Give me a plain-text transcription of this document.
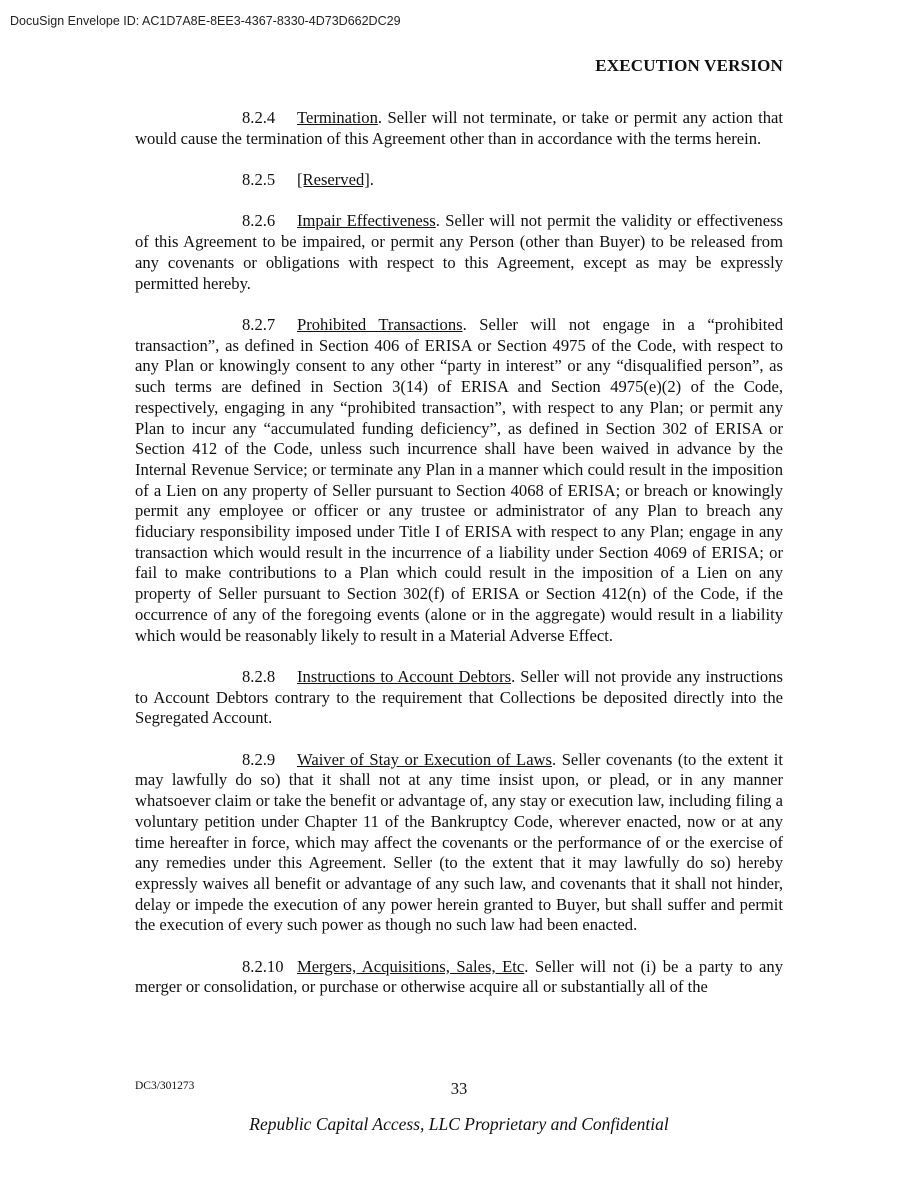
DocuSign Envelope ID: AC1D7A8E-8EE3-4367-8330-4D73D662DC29
EXECUTION VERSION

8.2.4 Termination. Seller will not terminate, or take or permit any action that would cause the termination of this Agreement other than in accordance with the terms herein.

8.2.5 [Reserved].

8.2.6 Impair Effectiveness. Seller will not permit the validity or effectiveness of this Agreement to be impaired, or permit any Person (other than Buyer) to be released from any covenants or obligations with respect to this Agreement, except as may be expressly permitted hereby.

8.2.7 Prohibited Transactions. Seller will not engage in a “prohibited transaction”, as defined in Section 406 of ERISA or Section 4975 of the Code, with respect to any Plan or knowingly consent to any other “party in interest” or any “disqualified person”, as such terms are defined in Section 3(14) of ERISA and Section 4975(e)(2) of the Code, respectively, engaging in any “prohibited transaction”, with respect to any Plan; or permit any Plan to incur any “accumulated funding deficiency”, as defined in Section 302 of ERISA or Section 412 of the Code, unless such incurrence shall have been waived in advance by the Internal Revenue Service; or terminate any Plan in a manner which could result in the imposition of a Lien on any property of Seller pursuant to Section 4068 of ERISA; or breach or knowingly permit any employee or officer or any trustee or administrator of any Plan to breach any fiduciary responsibility imposed under Title I of ERISA with respect to any Plan; engage in any transaction which would result in the incurrence of a liability under Section 4069 of ERISA; or fail to make contributions to a Plan which could result in the imposition of a Lien on any property of Seller pursuant to Section 302(f) of ERISA or Section 412(n) of the Code, if the occurrence of any of the foregoing events (alone or in the aggregate) would result in a liability which would be reasonably likely to result in a Material Adverse Effect.

8.2.8 Instructions to Account Debtors. Seller will not provide any instructions to Account Debtors contrary to the requirement that Collections be deposited directly into the Segregated Account.

8.2.9 Waiver of Stay or Execution of Laws. Seller covenants (to the extent it may lawfully do so) that it shall not at any time insist upon, or plead, or in any manner whatsoever claim or take the benefit or advantage of, any stay or execution law, including filing a voluntary petition under Chapter 11 of the Bankruptcy Code, wherever enacted, now or at any time hereafter in force, which may affect the covenants or the performance of or the exercise of any remedies under this Agreement. Seller (to the extent that it may lawfully do so) hereby expressly waives all benefit or advantage of any such law, and covenants that it shall not hinder, delay or impede the execution of any power herein granted to Buyer, but shall suffer and permit the execution of every such power as though no such law had been enacted.

8.2.10 Mergers, Acquisitions, Sales, Etc. Seller will not (i) be a party to any merger or consolidation, or purchase or otherwise acquire all or substantially all of the

DC3/301273	33
Republic Capital Access, LLC Proprietary and Confidential
